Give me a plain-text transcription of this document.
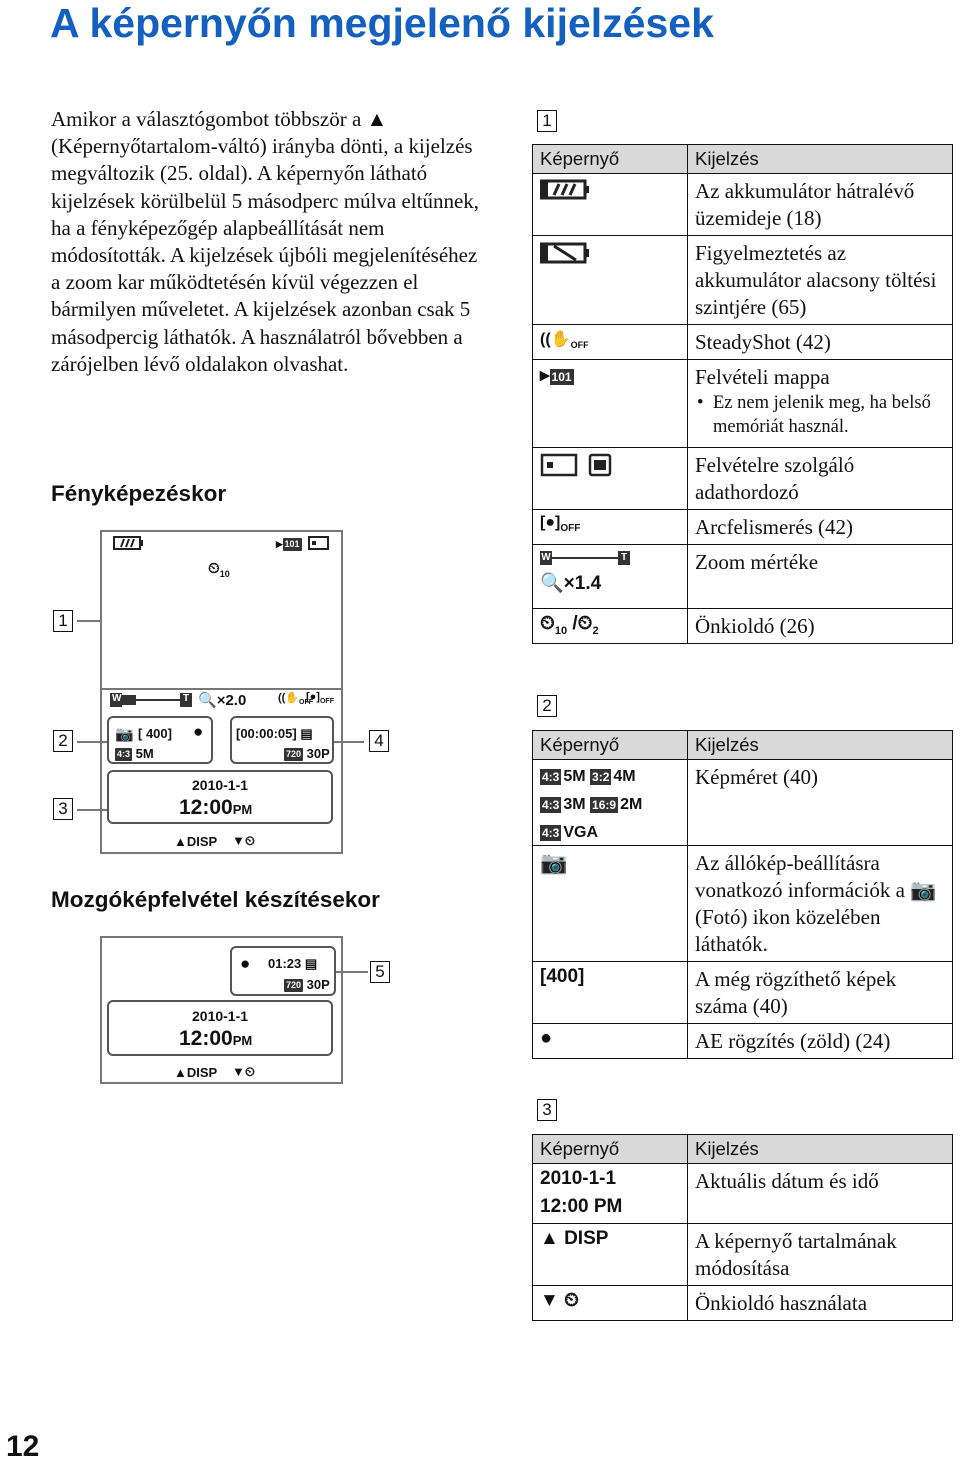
A képernyőn megjelenő kijelzések
Amikor a választógombot többször a ▲ (Képernyőtartalom-váltó) irányba dönti, a kijelzés megváltozik (25. oldal). A képernyőn látható kijelzések körülbelül 5 másodperc múlva eltűnnek, ha a fényképezőgép alapbeállítását nem módosították. A kijelzések újbóli megjelenítéséhez a zoom kar működtetésén kívül végezzen el bármilyen műveletet. A kijelzések azonban csak 5 másodpercig láthatók. A használatról bővebben a zárójelben lévő oldalakon olvashat.
Fényképezéskor
▸ 101
$⏲_{10}$
1
W	T 🔍×2.0	(($✋_{OFF}$
$[●]_{OFF}$
📷 [ 400] ●
4:3 5M
[00:00:05] ▤
720 30P
2	4
2010-1-1
12:00PM
3
▲DISP ▼⏲
Mozgóképfelvétel készítésekor
● 01:23 ▤
720 30P
5
2010-1-1
12:00PM
▲DISP ▼⏲
1
Képernyő	Kijelzés
	Az akkumulátor hátralévő üzemideje (18)
	Figyelmeztetés az akkumulátor alacsony töltési szintjére (65)
(($✋_{OFF}$	SteadyShot (42)
▸ 101	Felvételi mappa
• Ez nem jelenik meg, ha belső memóriát használ.

	Felvételre szolgáló adathordozó
$[●]_{OFF}$	Arcfelismerés (42)

W T
🔍×1.4	Zoom mértéke
$⏲_{10}$ $/⏲_2$	Önkioldó (26)
2
Képernyő	Kijelzés

4:3 5M 3:2 4M
4:3 3M 16:9 2M
4:3 VGA	Képméret (40)
📷	Az állókép-beállításra vonatkozó információk a 📷 (Fotó) ikon közelében láthatók.
[400]	A még rögzíthető képek száma (40)
●	AE rögzítés (zöld) (24)
3
Képernyő	Kijelzés

2010-1-1
12:00 PM	Aktuális dátum és idő
▲ DISP	A képernyő tartalmának módosítása
▼ ⏲	Önkioldó használata
12
